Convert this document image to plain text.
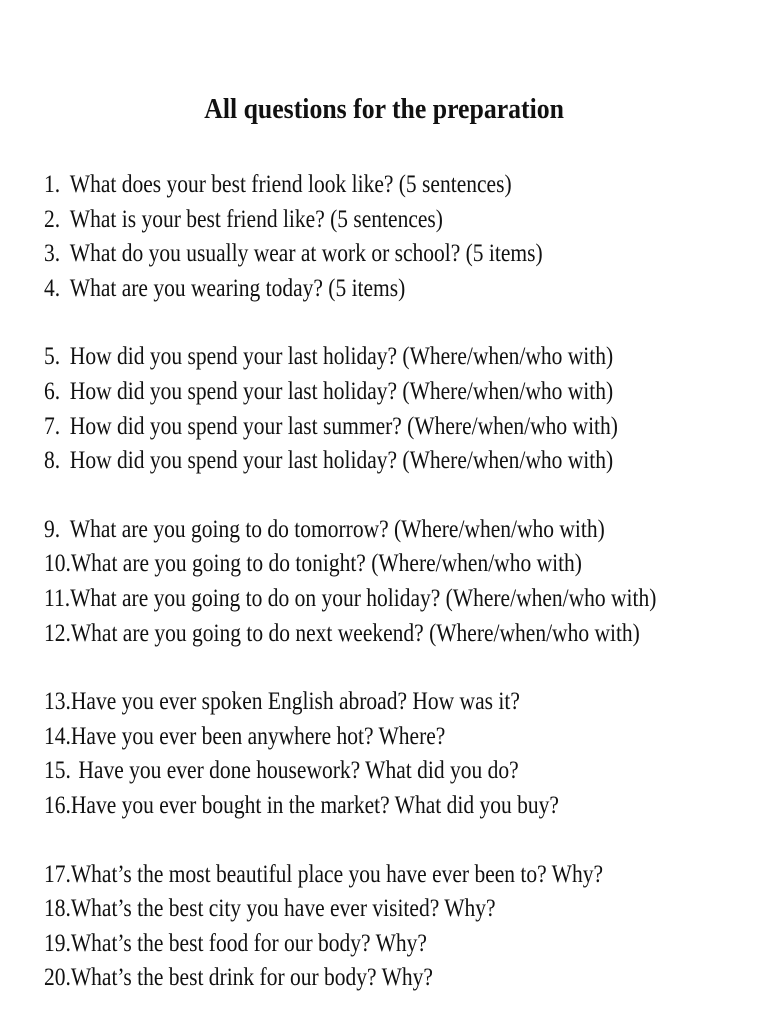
All questions for the preparation
1. What does your best friend look like? (5 sentences)
2. What is your best friend like? (5 sentences)
3. What do you usually wear at work or school? (5 items)
4. What are you wearing today? (5 items)
5. How did you spend your last holiday? (Where/when/who with)
6. How did you spend your last holiday? (Where/when/who with)
7. How did you spend your last summer? (Where/when/who with)
8. How did you spend your last holiday? (Where/when/who with)
9. What are you going to do tomorrow? (Where/when/who with)
10. What are you going to do tonight? (Where/when/who with)
11. What are you going to do on your holiday? (Where/when/who with)
12. What are you going to do next weekend? (Where/when/who with)
13. Have you ever spoken English abroad? How was it?
14. Have you ever been anywhere hot? Where?
15. Have you ever done housework? What did you do?
16. Have you ever bought in the market? What did you buy?
17. What’s the most beautiful place you have ever been to? Why?
18. What’s the best city you have ever visited? Why?
19. What’s the best food for our body? Why?
20. What’s the best drink for our body? Why?
